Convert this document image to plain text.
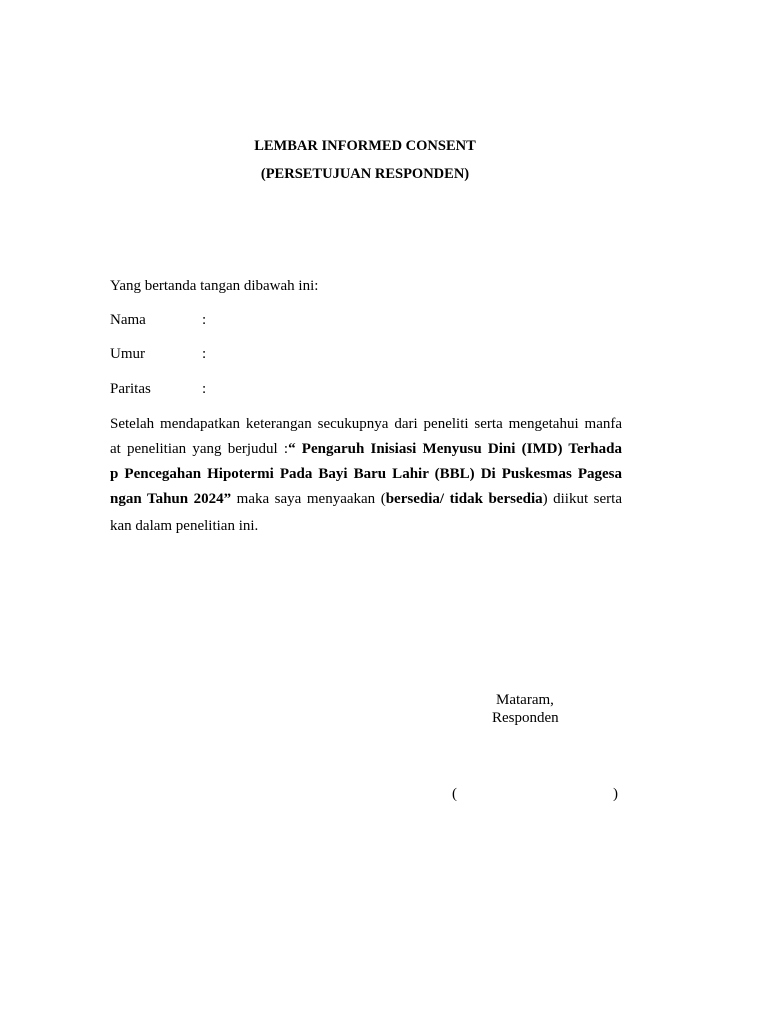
LEMBAR INFORMED CONSENT
(PERSETUJUAN RESPONDEN)
Yang bertanda tangan dibawah ini:
Nama	:
Umur	:
Paritas	:
Setelah mendapatkan keterangan secukupnya dari peneliti serta mengetahui manfa
at penelitian yang berjudul :“ Pengaruh Inisiasi Menyusu Dini (IMD) Terhada
p Pencegahan Hipotermi Pada Bayi Baru Lahir (BBL) Di Puskesmas Pagesa
ngan Tahun 2024” maka saya menyaakan (bersedia/ tidak bersedia) diikut serta
kan dalam penelitian ini.
Mataram,
Responden
(	)
